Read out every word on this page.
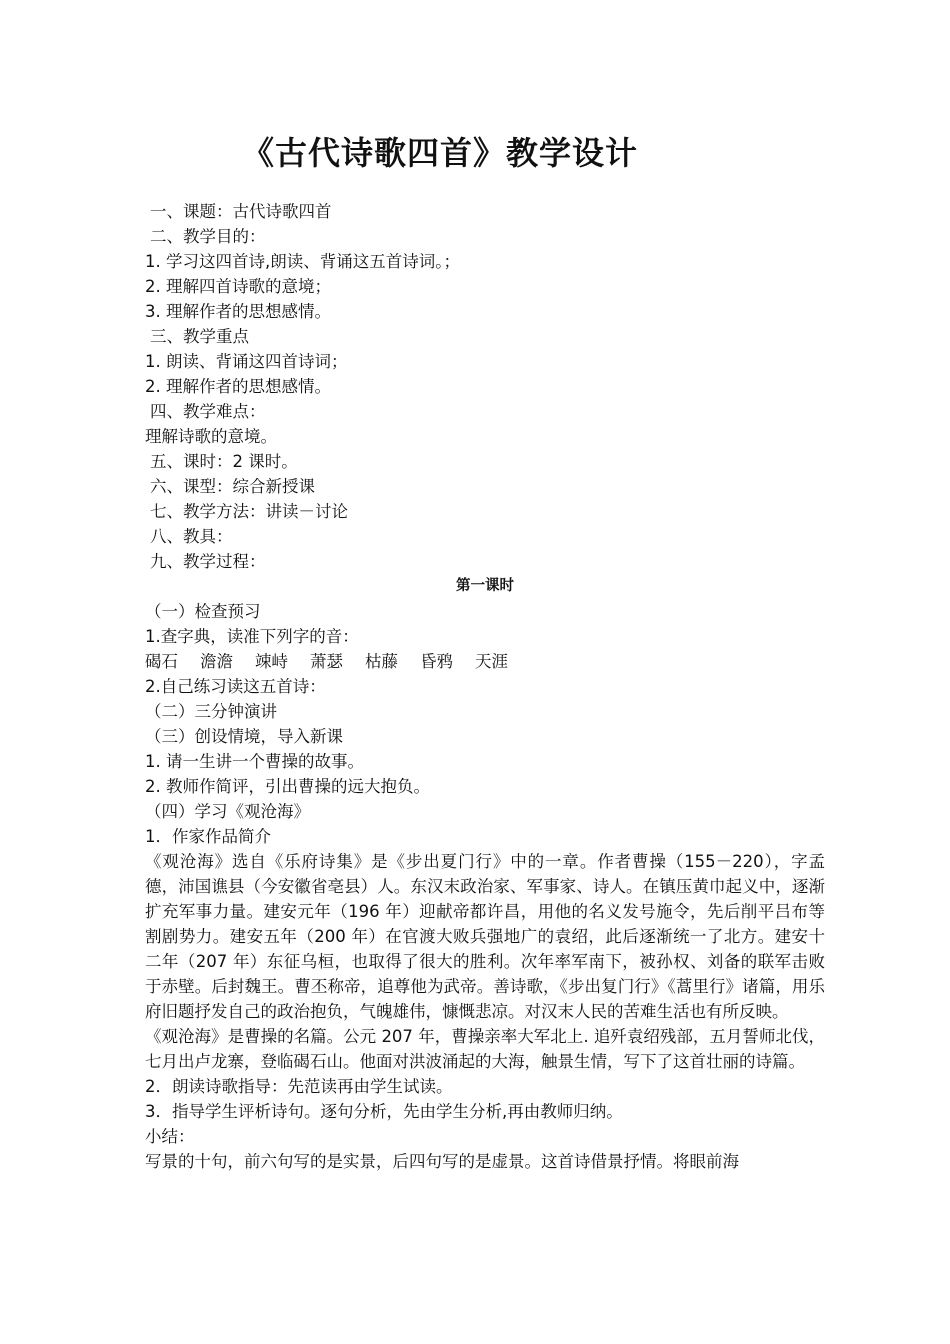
《古代诗歌四首》教学设计
一、课题：古代诗歌四首
二、教学目的：
1. 学习这四首诗,朗读、背诵这五首诗词。；
2. 理解四首诗歌的意境；
3. 理解作者的思想感情。
三、教学重点
1. 朗读、背诵这四首诗词；
2. 理解作者的思想感情。
四、教学难点：
理解诗歌的意境。
五、课时：2 课时。
六、课型：综合新授课
七、教学方法：讲读－讨论
八、教具：
九、教学过程：
第一课时
（一）检查预习
1.查字典，读准下列字的音：
碣石 澹澹 竦峙 萧瑟 枯藤 昏鸦 天涯
2.自己练习读这五首诗：
（二）三分钟演讲
（三）创设情境，导入新课
1. 请一生讲一个曹操的故事。
2. 教师作简评，引出曹操的远大抱负。
（四）学习《观沧海》
1．作家作品简介
《观沧海》选自《乐府诗集》是《步出夏门行》中的一章。作者曹操（155－220），字孟德，沛国谯县（今安徽省亳县）人。东汉末政治家、军事家、诗人。在镇压黄巾起义中，逐渐扩充军事力量。建安元年（196 年）迎献帝都许昌，用他的名义发号施令，先后削平吕布等割剧势力。建安五年（200 年）在官渡大败兵强地广的袁绍，此后逐渐统一了北方。建安十二年（207 年）东征乌桓，也取得了很大的胜利。次年率军南下，被孙权、刘备的联军击败于赤壁。后封魏王。曹丕称帝，追尊他为武帝。善诗歌，《步出复门行》《蒿里行》诸篇，用乐府旧题抒发自己的政治抱负，气魄雄伟，慷慨悲凉。对汉末人民的苦难生活也有所反映。
《观沧海》是曹操的名篇。公元 207 年，曹操亲率大军北上. 追歼袁绍残部，五月誓师北伐，七月出卢龙寨，登临碣石山。他面对洪波涌起的大海，触景生情，写下了这首壮丽的诗篇。
2．朗读诗歌指导：先范读再由学生试读。
3．指导学生评析诗句。逐句分析，先由学生分析,再由教师归纳。
小结：
写景的十句，前六句写的是实景，后四句写的是虚景。这首诗借景抒情。将眼前海
